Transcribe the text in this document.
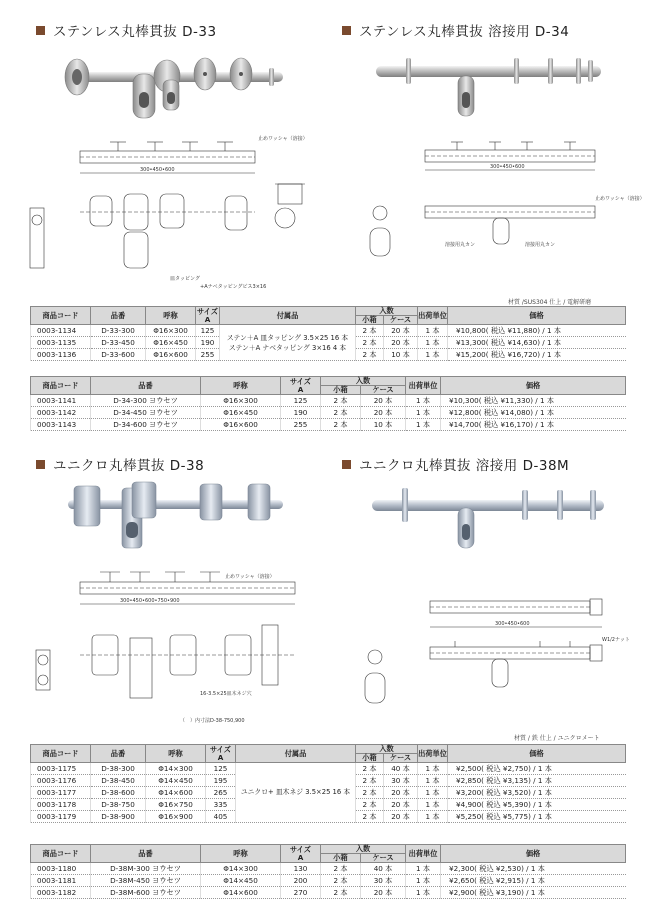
ステンレス丸棒貫抜 D-33	ステンレス丸棒貫抜 溶接用 D-34
ユニクロ丸棒貫抜 D-38	ユニクロ丸棒貫抜 溶接用 D-38M
止めワッシャ（溶接）
300•450•600
皿タッピング
+Aナベタッピングビス3×16
止めワッシャ（溶接）
300•450•600
溶接用丸カン	溶接用丸カン
材質 /SUS304 仕上 / 電解研磨
商品コード	品番	呼称	サイズ
A	付属品	入数		出荷単位	価格
					小箱	ケース		
0003-1134	D-33-300	Φ16×300	125	ステン＋A 皿タッピング 3.5×25 16 本
ステン＋A ナベタッピング 3×16 4 本	2 本	20 本	1 本	¥10,800( 税込 ¥11,880) / 1 本
0003-1135	D-33-450	Φ16×450	190		2 本	20 本	1 本	¥13,300( 税込 ¥14,630) / 1 本
0003-1136	D-33-600	Φ16×600	255		2 本	10 本	1 本	¥15,200( 税込 ¥16,720) / 1 本
商品コード	品番	呼称	サイズ
A	入数		出荷単位	価格
				小箱	ケース		
0003-1141	D-34-300 ヨウセツ	Φ16×300	125	2 本	20 本	1 本	¥10,300( 税込 ¥11,330) / 1 本
0003-1142	D-34-450 ヨウセツ	Φ16×450	190	2 本	20 本	1 本	¥12,800( 税込 ¥14,080) / 1 本
0003-1143	D-34-600 ヨウセツ	Φ16×600	255	2 本	10 本	1 本	¥14,700( 税込 ¥16,170) / 1 本
止めワッシャ（溶接）
300•450•600•750•900
16-3.5×25皿木ネジ穴
（　）内寸法D-38-750,900
300•450•600
W1/2ナット
材質 / 鉄 仕上 / ユニクロメート
商品コード	品番	呼称	サイズ
A	付属品	入数		出荷単位	価格
					小箱	ケース		
0003-1175	D-38-300	Φ14×300	125	ユニクロ+ 皿木ネジ 3.5×25 16 本	2 本	40 本	1 本	¥2,500( 税込 ¥2,750) / 1 本
0003-1176	D-38-450	Φ14×450	195		2 本	30 本	1 本	¥2,850( 税込 ¥3,135) / 1 本
0003-1177	D-38-600	Φ14×600	265		2 本	20 本	1 本	¥3,200( 税込 ¥3,520) / 1 本
0003-1178	D-38-750	Φ16×750	335		2 本	20 本	1 本	¥4,900( 税込 ¥5,390) / 1 本
0003-1179	D-38-900	Φ16×900	405		2 本	20 本	1 本	¥5,250( 税込 ¥5,775) / 1 本
商品コード	品番	呼称	サイズ
A	入数		出荷単位	価格
				小箱	ケース		
0003-1180	D-38M-300 ヨウセツ	Φ14×300	130	2 本	40 本	1 本	¥2,300( 税込 ¥2,530) / 1 本
0003-1181	D-38M-450 ヨウセツ	Φ14×450	200	2 本	30 本	1 本	¥2,650( 税込 ¥2,915) / 1 本
0003-1182	D-38M-600 ヨウセツ	Φ14×600	270	2 本	20 本	1 本	¥2,900( 税込 ¥3,190) / 1 本
